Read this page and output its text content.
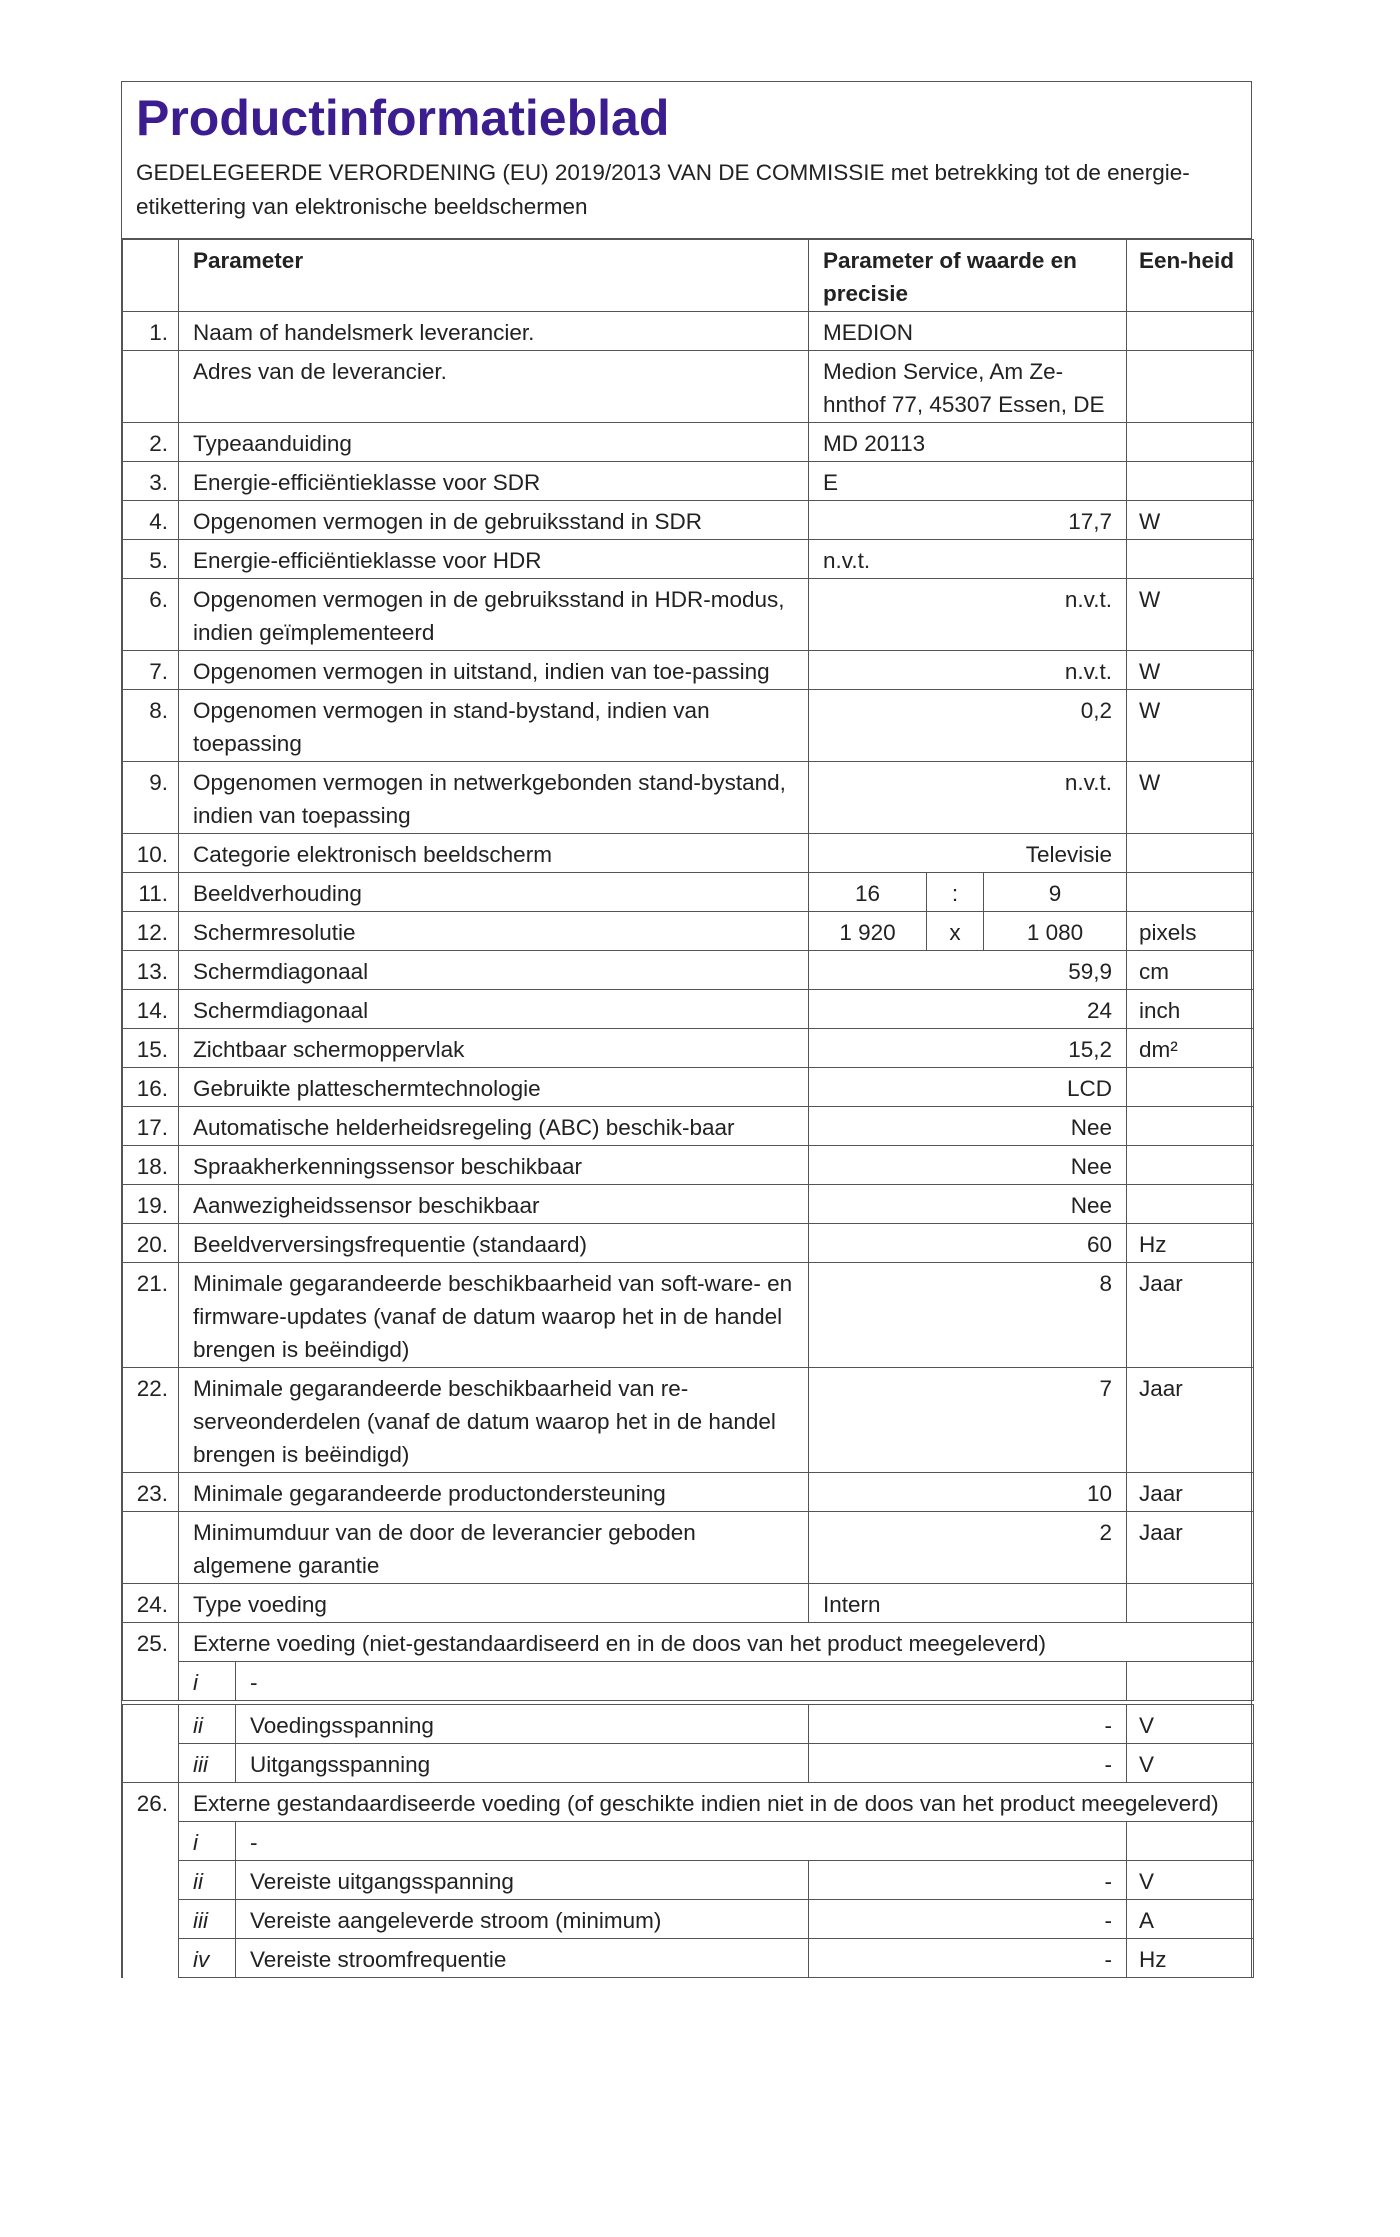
Productinformatieblad
GEDELEGEERDE VERORDENING (EU) 2019/2013 VAN DE COMMISSIE met betrekking tot de energie-etikettering van elektronische beeldschermen
	Parameter		Parameter of waarde en precisie			Een-heid
1.	Naam of handelsmerk leverancier.		MEDION			
	Adres van de leverancier.		Medion Service, Am Ze-hnthof 77, 45307 Essen, DE			
2.	Typeaanduiding		MD 20113			
3.	Energie-efficiëntieklasse voor SDR		E			
4.	Opgenomen vermogen in de gebruiksstand in SDR		17,7			W
5.	Energie-efficiëntieklasse voor HDR		n.v.t.			
6.	Opgenomen vermogen in de gebruiksstand in HDR-modus, indien geïmplementeerd		n.v.t.			W
7.	Opgenomen vermogen in uitstand, indien van toe-passing		n.v.t.			W
8.	Opgenomen vermogen in stand-bystand, indien van toepassing		0,2			W
9.	Opgenomen vermogen in netwerkgebonden stand-bystand, indien van toepassing		n.v.t.			W
10.	Categorie elektronisch beeldscherm		Televisie			
11.	Beeldverhouding		16	:	9	
12.	Schermresolutie		1 920	x	1 080	pixels
13.	Schermdiagonaal		59,9			cm
14.	Schermdiagonaal		24			inch
15.	Zichtbaar schermoppervlak		15,2			dm²
16.	Gebruikte platteschermtechnologie		LCD			
17.	Automatische helderheidsregeling (ABC) beschik-baar		Nee			
18.	Spraakherkenningssensor beschikbaar		Nee			
19.	Aanwezigheidssensor beschikbaar		Nee			
20.	Beeldverversingsfrequentie (standaard)		60			Hz
21.	Minimale gegarandeerde beschikbaarheid van soft-ware- en firmware-updates (vanaf de datum waarop het in de handel brengen is beëindigd)		8			Jaar
22.	Minimale gegarandeerde beschikbaarheid van re-serveonderdelen (vanaf de datum waarop het in de handel brengen is beëindigd)		7			Jaar
23.	Minimale gegarandeerde productondersteuning		10			Jaar
	Minimumduur van de door de leverancier geboden algemene garantie		2			Jaar
24.	Type voeding		Intern			
25.	Externe voeding (niet-gestandaardiseerd en in de doos van het product meegeleverd)					
	i	-				

	ii	Voedingsspanning	-			V
	iii	Uitgangsspanning	-			V
26.	Externe gestandaardiseerde voeding (of geschikte indien niet in de doos van het product meegeleverd)					
	i	-				
	ii	Vereiste uitgangsspanning	-			V
	iii	Vereiste aangeleverde stroom (minimum)	-			A
	iv	Vereiste stroomfrequentie	-			Hz
